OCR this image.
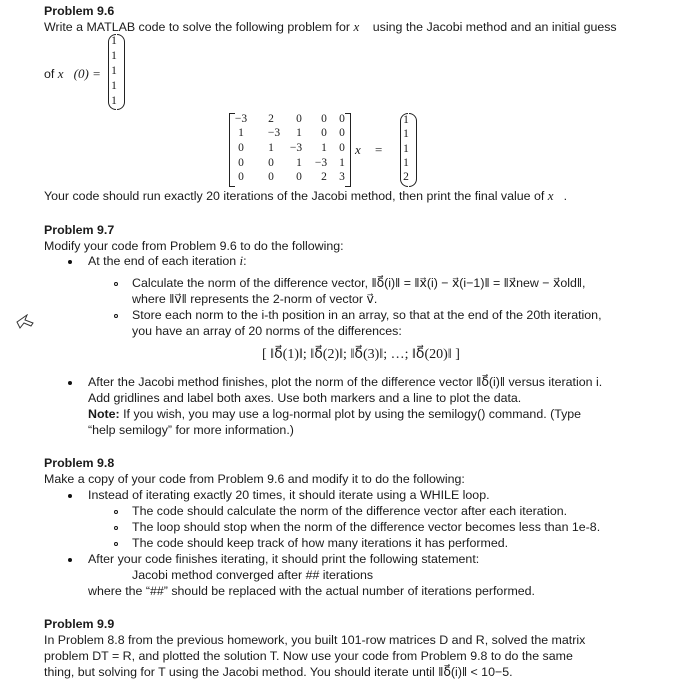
Problem 9.6
Write a MATLAB code to solve the following problem for x⃗ using the Jacobi method and an initial guess
of x⃗(0) =
1
1
1
1
1
−3	2	0	0	0
1	−3	1	0	0
0	1	−3	1	0
0	0	1	−3	1
0	0	0	2	3
x⃗ =
1
1
1
1
2
Your code should run exactly 20 iterations of the Jacobi method, then print the final value of x⃗.
Problem 9.7
Modify your code from Problem 9.6 to do the following:
At the end of each iteration i:
Calculate the norm of the difference vector, ‖δ⃗(i)‖ = ‖x⃗(i) − x⃗(i−1)‖ = ‖x⃗new − x⃗old‖,
where ‖v⃗‖ represents the 2-norm of vector v⃗.
Store each norm to the i-th position in an array, so that at the end of the 20th iteration,
you have an array of 20 norms of the differences:
[ ‖δ⃗(1)‖; ‖δ⃗(2)‖; ‖δ⃗(3)‖; …; ‖δ⃗(20)‖ ]
After the Jacobi method finishes, plot the norm of the difference vector ‖δ⃗(i)‖ versus iteration i.
Add gridlines and label both axes. Use both markers and a line to plot the data.
Note: If you wish, you may use a log-normal plot by using the semilogy() command. (Type
“help semilogy” for more information.)
Problem 9.8
Make a copy of your code from Problem 9.6 and modify it to do the following:
Instead of iterating exactly 20 times, it should iterate using a WHILE loop.
The code should calculate the norm of the difference vector after each iteration.
The loop should stop when the norm of the difference vector becomes less than 1e-8.
The code should keep track of how many iterations it has performed.
After your code finishes iterating, it should print the following statement:
Jacobi method converged after ## iterations
where the “##” should be replaced with the actual number of iterations performed.
Problem 9.9
In Problem 8.8 from the previous homework, you built 101-row matrices D and R, solved the matrix
problem DT = R, and plotted the solution T. Now use your code from Problem 9.8 to do the same
thing, but solving for T using the Jacobi method. You should iterate until ‖δ⃗(i)‖ < 10−5.
